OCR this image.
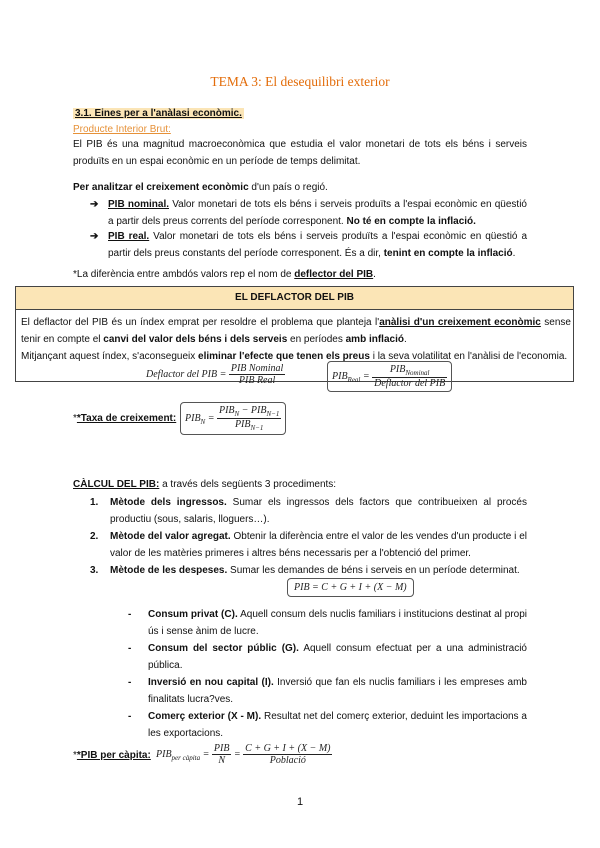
TEMA 3: El desequilibri exterior
3.1. Eines per a l'anàlasi econòmic.
Producte Interior Brut:
El PIB és una magnitud macroeconòmica que estudia el valor monetari de tots els béns i serveis produïts en un espai econòmic en un període de temps delimitat.
Per analitzar el creixement econòmic d'un país o regió.
➔ PIB nominal. Valor monetari de tots els béns i serveis produïts a l'espai econòmic en qüestió a partir dels preus corrents del període corresponent. No té en compte la inflació.
➔ PIB real. Valor monetari de tots els béns i serveis produïts a l'espai econòmic en qüestió a partir dels preus constants del període corresponent. És a dir, tenint en compte la inflació.
*La diferència entre ambdós valors rep el nom de deflector del PIB.
EL DEFLACTOR DEL PIB
El deflactor del PIB és un índex emprat per resoldre el problema que planteja l'anàlisi d'un creixement econòmic sense tenir en compte el canvi del valor dels béns i dels serveis en períodes amb inflació.
Mitjançant aquest índex, s'aconsegueix eliminar l'efecte que tenen els preus i la seva volatilitat en l'anàlisi de l'economia.
Deflactor del PIB = $\frac{\text{PIB Nominal}}{\text{PIB Real}}$	$PIB_{Real} = \frac{PIB_{Nominal}}{\text{Deflactor del PIB}}$
**Taxa de creixement: $PIB_N = \frac{PIB_N - PIB_{N-1}}{PIB_{N-1}}$
CÀLCUL DEL PIB: a través dels següents 3 procediments:
1. Mètode dels ingressos. Sumar els ingressos dels factors que contribueixen al procés productiu (sous, salaris, lloguers…).
2. Mètode del valor agregat. Obtenir la diferència entre el valor de les vendes d'un producte i el valor de les matèries primeres i altres béns necessaris per a l'obtenció del primer.
3. Mètode de les despeses. Sumar les demandes de béns i serveis en un període determinat.
PIB = C + G + I + (X − M)
- Consum privat (C). Aquell consum dels nuclis familiars i institucions destinat al propi ús i sense ànim de lucre.
- Consum del sector públic (G). Aquell consum efectuat per a una administració pública.
- Inversió en nou capital (I). Inversió que fan els nuclis familiars i les empreses amb finalitats lucra?ves.
- Comerç exterior (X - M). Resultat net del comerç exterior, deduint les importacions a les exportacions.
**PIB per càpita: $PIB_{per càpita} = \frac{\text{PIB}}{N} = \frac{C + G + I + (X - M)}{\text{Població}}$
1
